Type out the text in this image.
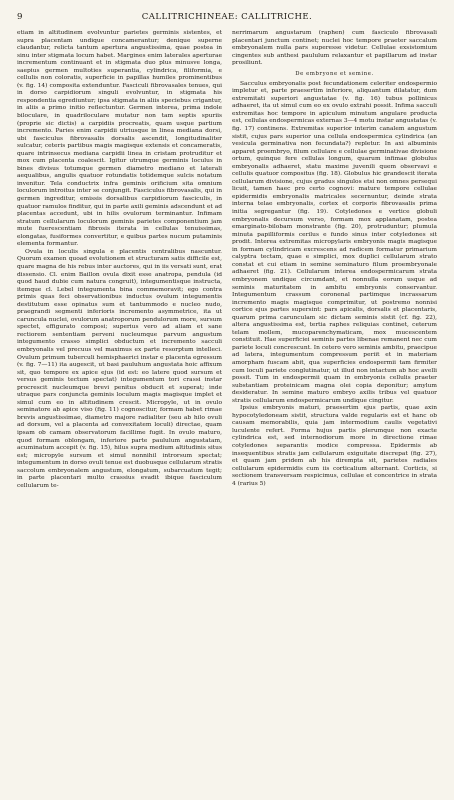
9	CALLITRICHINEAE: CALLITRICHE.

etiam in altitudinem evolvuntur parietes germinis sistentes, et supra placentam undique concamerantur; denique superne claudantur, relicta tantum apertura angustissima, quae postea in sinu inter stigmata locum habet. Margines enim laterales aperturae incrementum continuant et in stigmata duo plus minusve longa, saepius germen multoties superantia, cylindrica, filiformia, e cellulis non coloratis, superficie in papillas humiles prominentibus (v. fig. 14) composita extenduntur. Fasciculi fibrovasales tenues, qui in dorso carpidiorum singuli evolvuntur, in stigmata his respondentia egrediuntur; ipsa stigmata in aliis speciebus crigantur, in aliis a primo initio reflectuntur. Germen interea, prima indole biloculare, in quadrilocularе mutatur non tam septis spuriis (proprie sic dictis) a carpidiis procreatis, quam usque partium incremento. Paries enim carpidii utriusque in linea mediana dorsi, ubi fasciculus fibrovasalis dorsalis ascendit, longitudinaliter sulcatur, ceteris partibus magis magisque extensis et concameratis, quare intrinsecus mediana carpidii linea in cristam protruditur et mox cum placenta coalescit. Igitur utrumque germinis loculus in bines divisus totumque germen diametro mediano et laterali aequalibus, angulis quatuor rotundatis totidemque sulcis notatum invenitur. Tela conductrix infra geminis orificium sita omnium loculorum introitus inter se conjungit. Fasciculus fibrovasalis, qui in germen ingreditur, emissis dorsalibus carpidiorum fasciculis, in quatuor ramulos finditur, qui in parte axili geminis adscendunt et ad placentas accedunt, ubi in hilis ovulorum terminantur. Infimam stratum cellularum loculorum geminis parietes componentium jam mute fuerescentiam fibrosis iterata in cellulas tenuissimas, elongatas, fusiformes convertitur, e quibus partes nucum putaminis elementa formantur.

Ovula in loculis singula e placentis centralibus nascuntur. Quorum examen quoad evolutionem et structuram satis difficile est, quare magna de his rebus inter auctores, qui in iis versati sunt, erat dissensio. Cl. enim Baillon ovula dixit esse anatropa, pendula (id quod haud dubie cum natura congruit), integumentisque instructa, itemque cl. Lebel integumenta bina commemoravit; ego contra primis quas feci observationibus inductus ovulum integumentis destitutum esse opinatus sum et tantummodo e nucleo nudo, praegrandi segmenti inferioris incremento asymmetrice, ita ut carunculа nuclei, ovulorum anatroporum pendulorum more, sursum spectet, effiguratо composi; superius vero ad aliam et sane rectiorem sententiam perveni nucleumque parvum angustum integumento crasso simplici obductum et incrementо sacculi embryonalis vel precuus vel maximus ex parte resorptum intelleci. Ovulum primum tuberculi hemisphaerici instar e placenta egressum (v. fig. 7—11) ita augescit, ut basi pauluhum angustata hoic affixum sit, quo tempore ex apice ejus (id est: eo latere quod sursum et versus geminis tectum spectat) integumentum tori crassi instar procrescit nucleumque brevi penitus obducit et superat; inde utraque pars conjuncta geminis loculum magis magisque implet et simul cum eo in altitudinem crescit. Micropyle, ut in ovulo seminatore ab apice visо (fig. 11) cognoscitur, formam habet rimae brevis angustissimae, diametro majore radialiter (seu ab hilo ovuli ad dorsum, vel a placenta ad convexitatem loculi) directae, quam ipsam ob camam observatorum facillime fugit. In ovulo maturo, quod formam oblongam, inferiore parte paululum angustatam, acuminatum accepit (v. fig. 15), hilus supra medium altitudinis situs est; micropyle sursum et simul nonnihil introrsum spectat; integumentum in dorso ovuli tenue est duobusque cellularum stratis saccolum embryonalem angustum, elongatum, subarcuatum tegit; in parte placentari multo crassius evadit ibique fasciculum cellularum te-

nerrimarum angustarum (raphen) cum fasciculo fibrovasali placentari junctum continet; nuclei hoc tempore praeter saccalum embryonalem nulla pars superesse videtur. Cellulae exsistomium cingentes sub anthesi paululum relaxantur et papillarum ad instar prosiliunt.

De embryone et semine.

Sacculus embryonalis post fecundationem celeriter endospermio impletur et, parte praesertim inferiore, aliquantum dilatatur, dum extremitati superiori angustatae (v. fig. 16) tubus pollinicus adhaeret, ita ut simul cum eo ex ovulo extrahi possit. Infima sacculi extremitas hoc tempore in apiculum minutum angularе producta est, cellulas endospermicas externas 3—4 motu instar angustatas (v. fig. 17) continens. Extremitas superior interim canalem angustum sistit, cujus pars superior una cellula endospermica cylindrica (an vesicula germinativa non fecundata?) repletur. In axi albuminis apparet proembryo, filum cellulare e cellulae germinativae divisione ortum, quinque fere cellulas longum, quarum infimae globulus embryonalis adhaeret, statu maxime juvenili quem observavi e cellulis quatuor compositus (fig. 18). Globulus hic grandescit iterata cellularum divisione, cujus gradus singulos etsi non omnes persequi licuit, tamen haec pro certo cognovi: mature tempore cellulae epidermidis embryonalis matricales secernuntur, deinde strata interna telae embryonalis, cortex et corporis fibrovasalis prima initia segregantur (fig. 19). Cotyledones e vertice globuli embryonalis decursum verso, formam mox applanatam, postea emarginato-bilobam monstrante (fig. 20), protruduntur; plumula minuta papilliformis cerilus e fundo sinus inter cotyledones sit prodit. Interea extremitas micropylaris embryonis magis magisque in formam cylindricam excrescens ad radicem formatur primarium calyptra tectam, quae e simplici, mox duplici cellularum strato constat et cui etiam in semine seminaturo filum proembryonale adhaeret (fig. 21). Cellularum interea endospermicarum strata embryonem undique circumdant, et nonnulla eorum usque ad seminis maturitatem in ambitu embryonis conservantur. Integumentum crassum coronenal partimque incrassarum incremento magis magisque comprimitur, ut postremo nonnisi cortice ejus partes supersint: pars apicalis, dorsalis et placentaris, quarum prima carunculam sic dictam seminis sistit (cf. fig. 22), altera angustissima est, tertia raphes reliquias continet, ceterum telam mollem, mucoparenchymaticam, mox mucescentem constituit. Hae superficiei seminis partes libenae remanent nec cum pariete loculi concrescunt. In cetero vero seminis ambitu, praecipue ad latera, integumentum compressum periit et in materiam amorpham fuscam abit, qua superficies endospermii tam firmiter cum loculi pariete conglutinatur, ut illud non intactum ab hoc avelli possit. Tum in endospermii quam in embryonis cellulis praeter substantiam proteinicam magna olei copia deponitur; amylum desideratur. In semine maturo embryo axilis tribus vel quatuor stratis cellularum endospermicarum undique cingitur.

Ipsius embryonis maturi, praesertim ejus partis, quae axin hypocotyledoneam sistit, structura valde regularis est et hanc ob causam memorabilis, quia jam intermodium caulis vegetativi luculente refert. Forma hujus partis plerumque non exacte cylindrica est, sed internodiorum more in directione rimae cotyledones separantis modice compressa. Epidermis ab insequentibus stratis jam cellularum exiguitate discrepat (fig. 27), et quam jam pridem ab his dirempta sit, parietes radiales cellularum epidermidis cum iis corticalium alternant. Corticis, si sectionem transversam respicimus, cellulae et concentrice in strata 4 (rarius 5)
